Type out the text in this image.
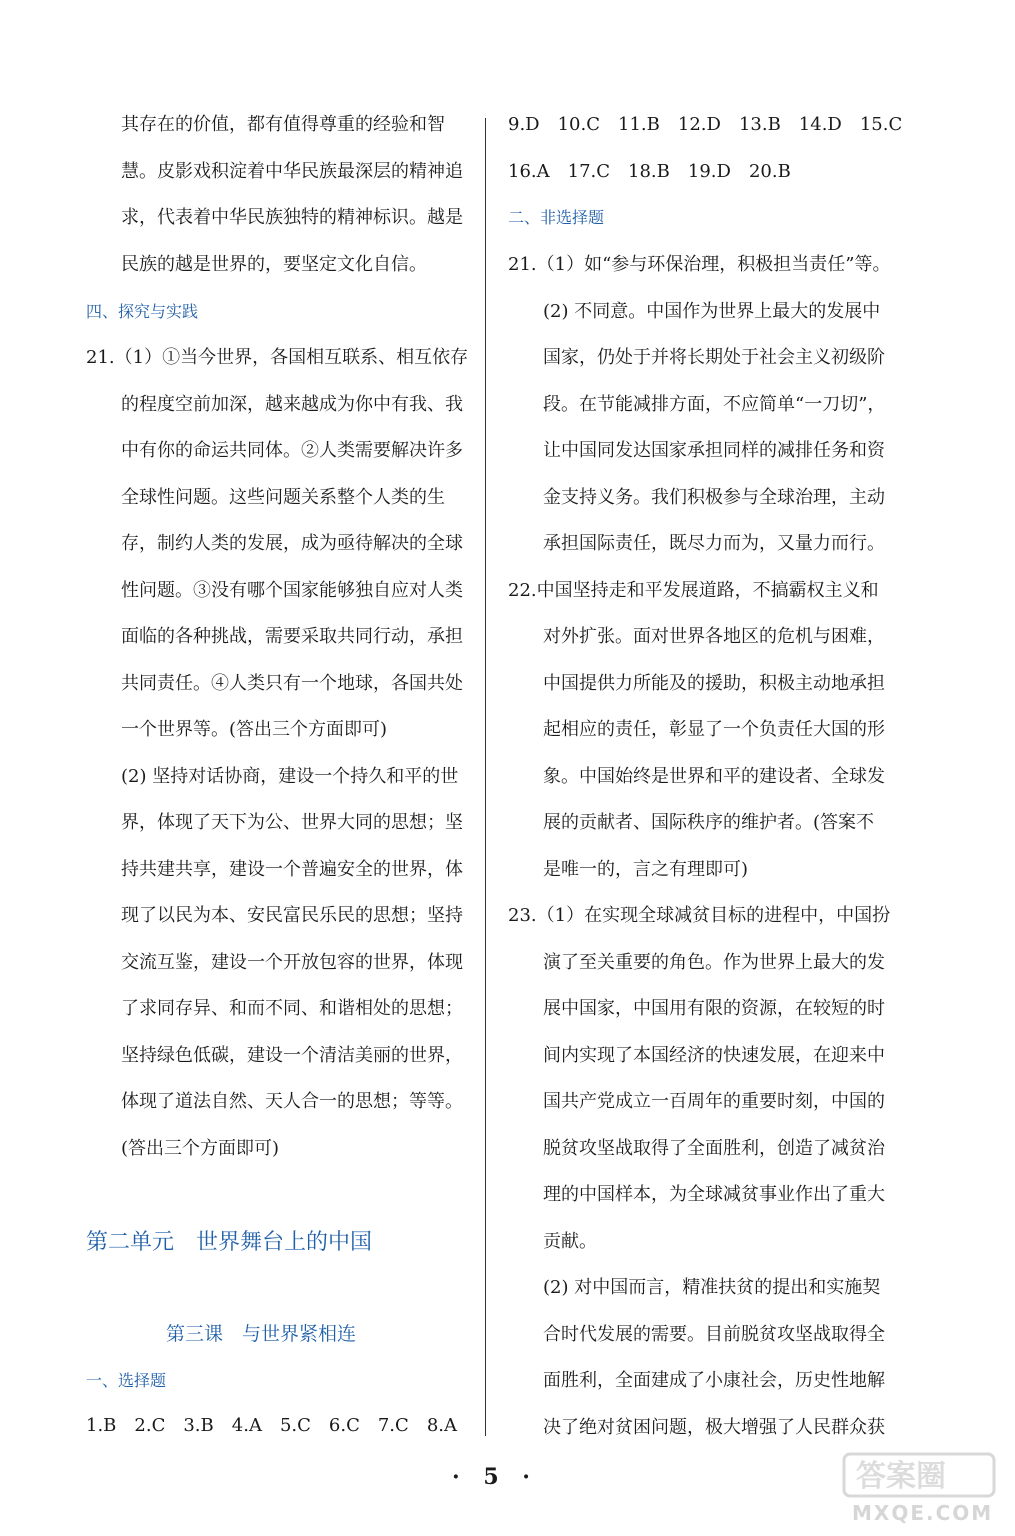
其存在的价值，都有值得尊重的经验和智
慧。皮影戏积淀着中华民族最深层的精神追
求，代表着中华民族独特的精神标识。越是
民族的越是世界的，要坚定文化自信。
四、探究与实践
21.（1）①当今世界，各国相互联系、相互依存
的程度空前加深，越来越成为你中有我、我
中有你的命运共同体。②人类需要解决许多
全球性问题。这些问题关系整个人类的生
存，制约人类的发展，成为亟待解决的全球
性问题。③没有哪个国家能够独自应对人类
面临的各种挑战，需要采取共同行动，承担
共同责任。④人类只有一个地球，各国共处
一个世界等。(答出三个方面即可)
(2) 坚持对话协商，建设一个持久和平的世
界，体现了天下为公、世界大同的思想；坚
持共建共享，建设一个普遍安全的世界，体
现了以民为本、安民富民乐民的思想；坚持
交流互鉴，建设一个开放包容的世界，体现
了求同存异、和而不同、和谐相处的思想；
坚持绿色低碳，建设一个清洁美丽的世界，
体现了道法自然、天人合一的思想；等等。
(答出三个方面即可)
第二单元　世界舞台上的中国
第三课　与世界紧相连
一、选择题
1.B 2.C 3.B 4.A 5.C 6.C 7.C 8.A
9.D 10.C 11.B 12.D 13.B 14.D 15.C
16.A 17.C 18.B 19.D 20.B
二、非选择题
21.（1）如“参与环保治理，积极担当责任”等。
(2) 不同意。中国作为世界上最大的发展中
国家，仍处于并将长期处于社会主义初级阶
段。在节能减排方面，不应简单“一刀切”，
让中国同发达国家承担同样的减排任务和资
金支持义务。我们积极参与全球治理，主动
承担国际责任，既尽力而为，又量力而行。
22.中国坚持走和平发展道路，不搞霸权主义和
对外扩张。面对世界各地区的危机与困难，
中国提供力所能及的援助，积极主动地承担
起相应的责任，彰显了一个负责任大国的形
象。中国始终是世界和平的建设者、全球发
展的贡献者、国际秩序的维护者。(答案不
是唯一的，言之有理即可)
23.（1）在实现全球减贫目标的进程中，中国扮
演了至关重要的角色。作为世界上最大的发
展中国家，中国用有限的资源，在较短的时
间内实现了本国经济的快速发展，在迎来中
国共产党成立一百周年的重要时刻，中国的
脱贫攻坚战取得了全面胜利，创造了减贫治
理的中国样本，为全球减贫事业作出了重大
贡献。
(2) 对中国而言，精准扶贫的提出和实施契
合时代发展的需要。目前脱贫攻坚战取得全
面胜利，全面建成了小康社会，历史性地解
决了绝对贫困问题，极大增强了人民群众获
· 5 ·	答案圈
MXQE.COM
